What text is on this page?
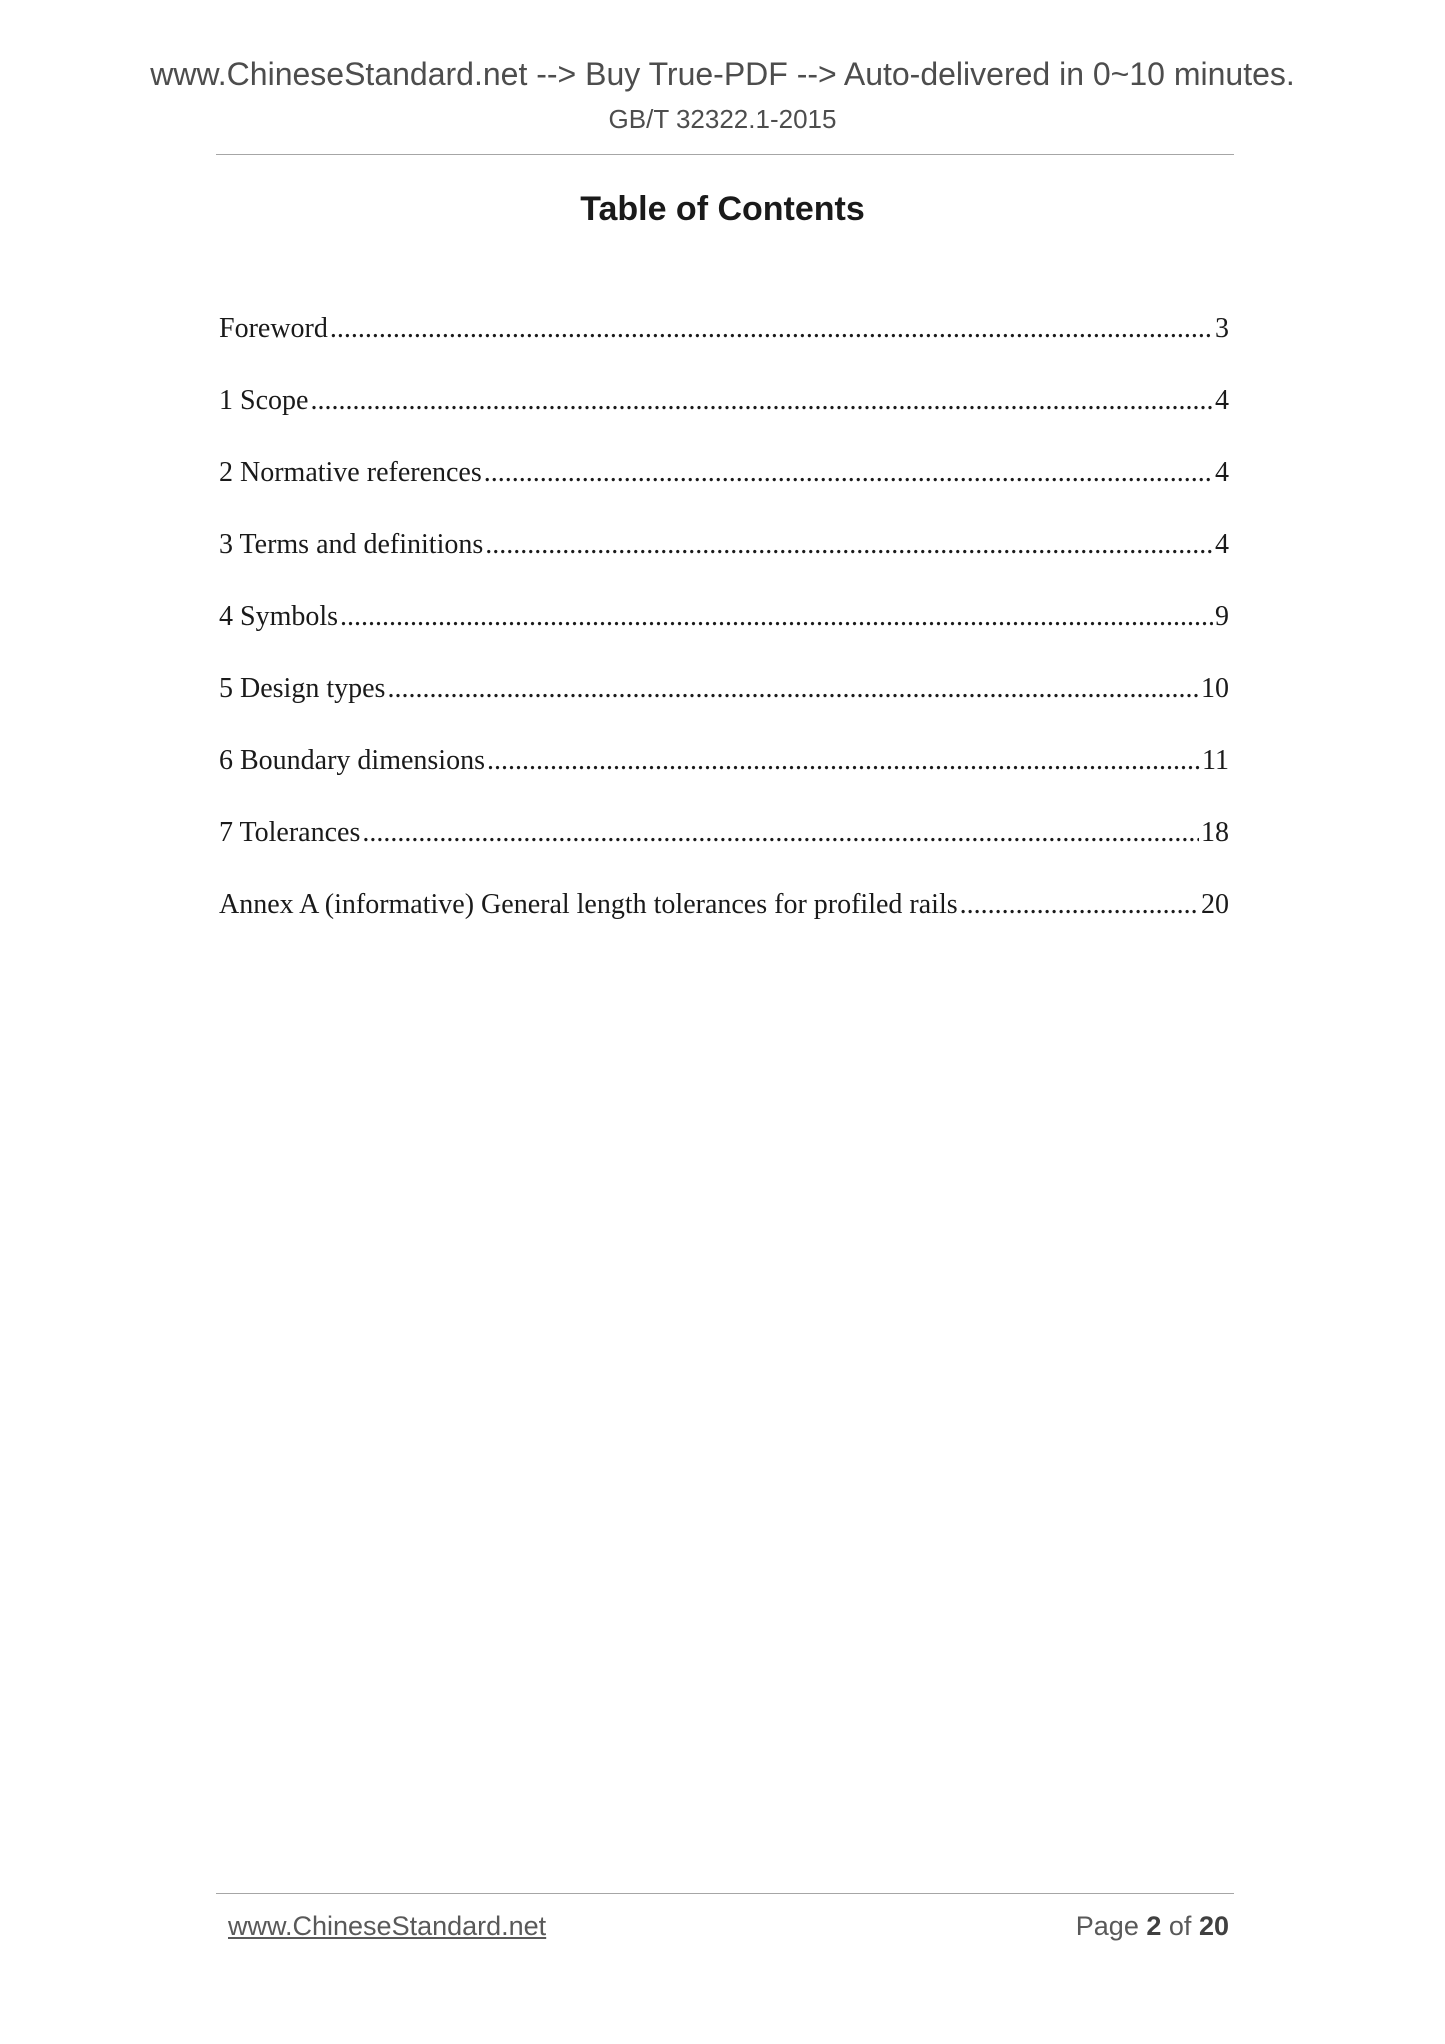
www.ChineseStandard.net --> Buy True-PDF --> Auto-delivered in 0~10 minutes.
GB/T 32322.1-2015
Table of Contents
Foreword .....	3
1 Scope .....	4
2 Normative references .....	4
3 Terms and definitions .....	4
4 Symbols .....	9
5 Design types .....	10
6 Boundary dimensions .....	11
7 Tolerances .....	18
Annex A (informative) General length tolerances for profiled rails .....	20
www.ChineseStandard.net	Page 2 of 20
